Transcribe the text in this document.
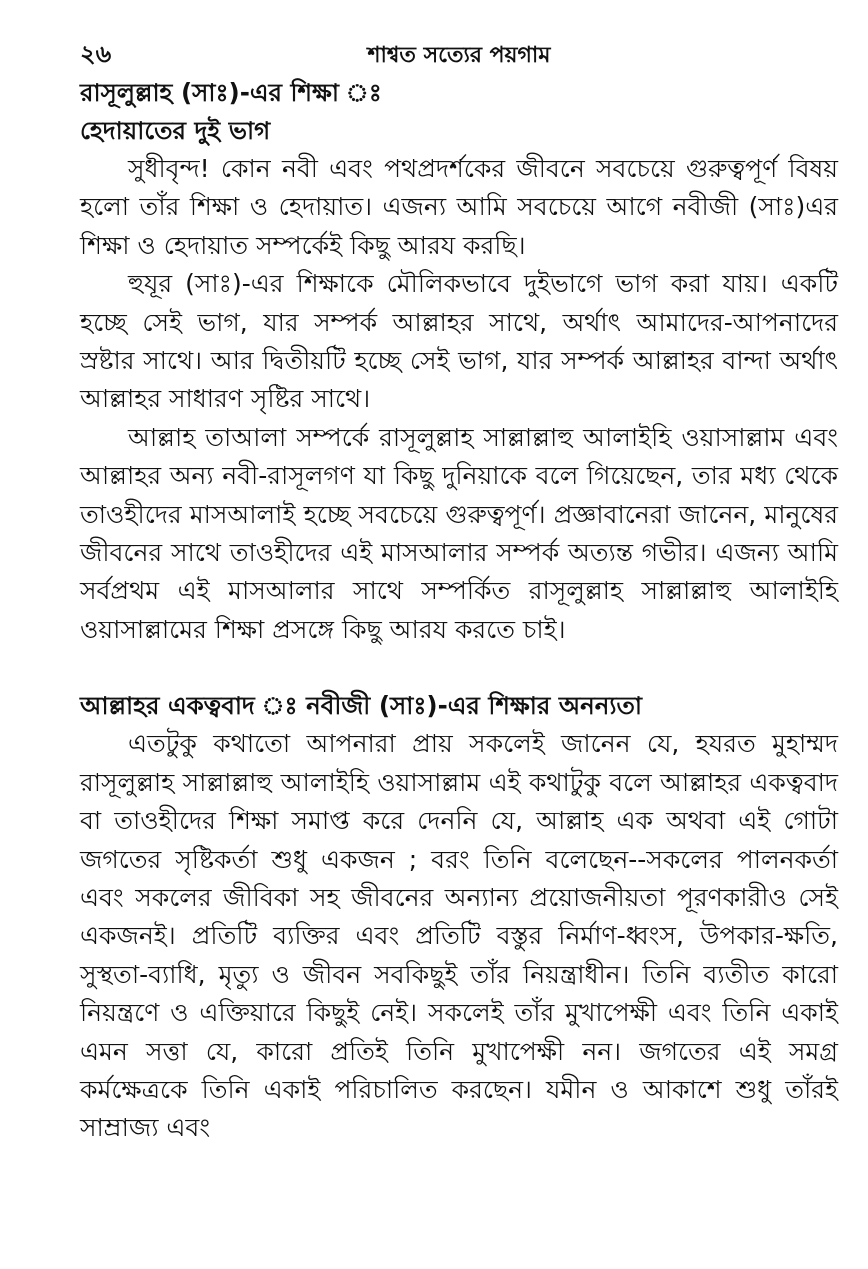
২৬	শাশ্বত সত্যের পয়গাম
রাসূলুল্লাহ (সাঃ)-এর শিক্ষা ঃ
হেদায়াতের দুই ভাগ

সুধীবৃন্দ! কোন নবী এবং পথপ্রদর্শকের জীবনে সবচেয়ে গুরুত্বপূর্ণ বিষয় হলো তাঁর শিক্ষা ও হেদায়াত। এজন্য আমি সবচেয়ে আগে নবীজী (সাঃ)এর শিক্ষা ও হেদায়াত সম্পর্কেই কিছু আরয করছি।

হুযূর (সাঃ)-এর শিক্ষাকে মৌলিকভাবে দুইভাগে ভাগ করা যায়। একটি হচ্ছে সেই ভাগ, যার সম্পর্ক আল্লাহর সাথে, অর্থাৎ আমাদের-আপনাদের স্রষ্টার সাথে। আর দ্বিতীয়টি হচ্ছে সেই ভাগ, যার সম্পর্ক আল্লাহর বান্দা অর্থাৎ আল্লাহর সাধারণ সৃষ্টির সাথে।

আল্লাহ তাআলা সম্পর্কে রাসূলুল্লাহ সাল্লাল্লাহু আলাইহি ওয়াসাল্লাম এবং আল্লাহর অন্য নবী-রাসূলগণ যা কিছু দুনিয়াকে বলে গিয়েছেন, তার মধ্য থেকে তাওহীদের মাসআলাই হচ্ছে সবচেয়ে গুরুত্বপূর্ণ। প্রজ্ঞাবানেরা জানেন, মানুষের জীবনের সাথে তাওহীদের এই মাসআলার সম্পর্ক অত্যন্ত গভীর। এজন্য আমি সর্বপ্রথম এই মাসআলার সাথে সম্পর্কিত রাসূলুল্লাহ সাল্লাল্লাহু আলাইহি ওয়াসাল্লামের শিক্ষা প্রসঙ্গে কিছু আরয করতে চাই।

আল্লাহর একত্ববাদ ঃ নবীজী (সাঃ)-এর শিক্ষার অনন্যতা

এতটুকু কথাতো আপনারা প্রায় সকলেই জানেন যে, হযরত মুহাম্মদ রাসূলুল্লাহ সাল্লাল্লাহু আলাইহি ওয়াসাল্লাম এই কথাটুকু বলে আল্লাহর একত্ববাদ বা তাওহীদের শিক্ষা সমাপ্ত করে দেননি যে, আল্লাহ এক অথবা এই গোটা জগতের সৃষ্টিকর্তা শুধু একজন ; বরং তিনি বলেছেন--সকলের পালনকর্তা এবং সকলের জীবিকা সহ জীবনের অন্যান্য প্রয়োজনীয়তা পূরণকারীও সেই একজনই। প্রতিটি ব্যক্তির এবং প্রতিটি বস্তুর নির্মাণ-ধ্বংস, উপকার-ক্ষতি, সুস্থতা-ব্যাধি, মৃত্যু ও জীবন সবকিছুই তাঁর নিয়ন্ত্রাধীন। তিনি ব্যতীত কারো নিয়ন্ত্রণে ও এক্তিয়ারে কিছুই নেই। সকলেই তাঁর মুখাপেক্ষী এবং তিনি একাই এমন সত্তা যে, কারো প্রতিই তিনি মুখাপেক্ষী নন। জগতের এই সমগ্র কর্মক্ষেত্রকে তিনি একাই পরিচালিত করছেন। যমীন ও আকাশে শুধু তাঁরই সাম্রাজ্য এবং
